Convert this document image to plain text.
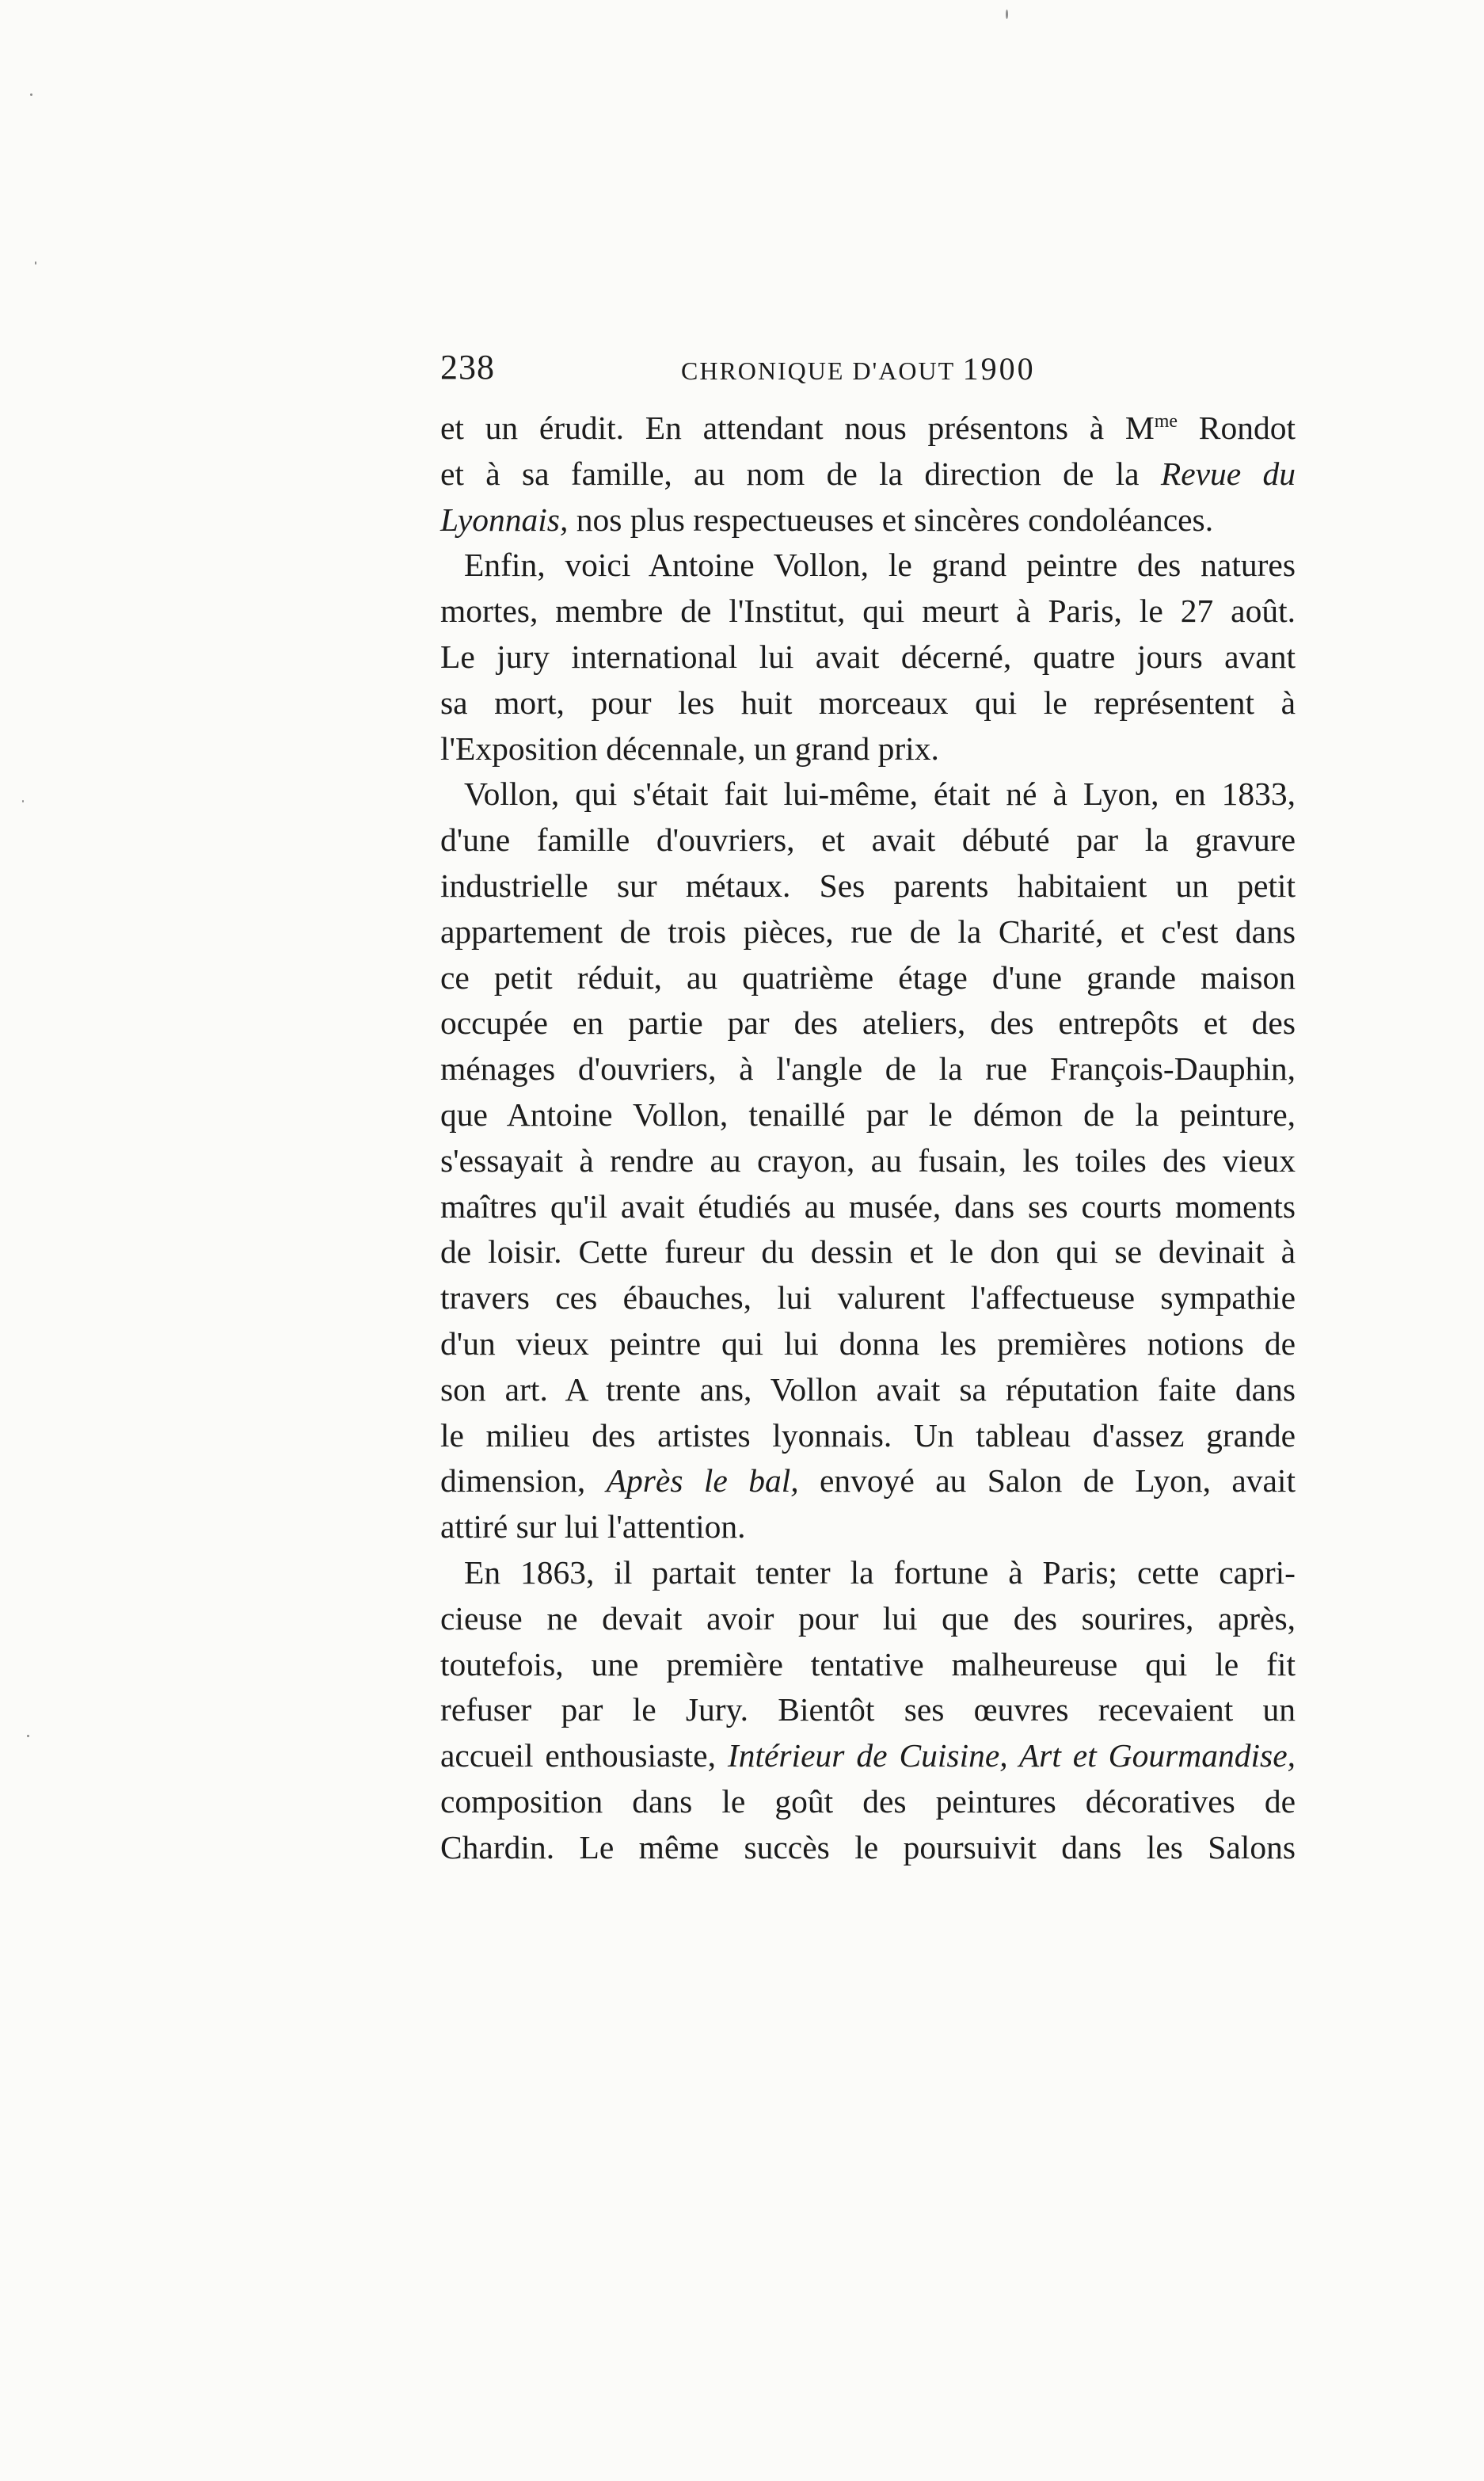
238	CHRONIQUE D'AOUT 1900
et un érudit. En attendant nous présentons à $M^{me}$ Rondot
et à sa famille, au nom de la direction de la Revue du
Lyonnais, nos plus respectueuses et sincères condoléances.
Enfin, voici Antoine Vollon, le grand peintre des natures
mortes, membre de l'Institut, qui meurt à Paris, le 27 août.
Le jury international lui avait décerné, quatre jours avant
sa mort, pour les huit morceaux qui le représentent à
l'Exposition décennale, un grand prix.
Vollon, qui s'était fait lui-même, était né à Lyon, en 1833,
d'une famille d'ouvriers, et avait débuté par la gravure
industrielle sur métaux. Ses parents habitaient un petit
appartement de trois pièces, rue de la Charité, et c'est dans
ce petit réduit, au quatrième étage d'une grande maison
occupée en partie par des ateliers, des entrepôts et des
ménages d'ouvriers, à l'angle de la rue François-Dauphin,
que Antoine Vollon, tenaillé par le démon de la peinture,
s'essayait à rendre au crayon, au fusain, les toiles des vieux
maîtres qu'il avait étudiés au musée, dans ses courts moments
de loisir. Cette fureur du dessin et le don qui se devinait à
travers ces ébauches, lui valurent l'affectueuse sympathie
d'un vieux peintre qui lui donna les premières notions de
son art. A trente ans, Vollon avait sa réputation faite dans
le milieu des artistes lyonnais. Un tableau d'assez grande
dimension, Après le bal, envoyé au Salon de Lyon, avait
attiré sur lui l'attention.
En 1863, il partait tenter la fortune à Paris; cette capri-
cieuse ne devait avoir pour lui que des sourires, après,
toutefois, une première tentative malheureuse qui le fit
refuser par le Jury. Bientôt ses œuvres recevaient un
accueil enthousiaste, Intérieur de Cuisine, Art et Gourmandise,
composition dans le goût des peintures décoratives de
Chardin. Le même succès le poursuivit dans les Salons
